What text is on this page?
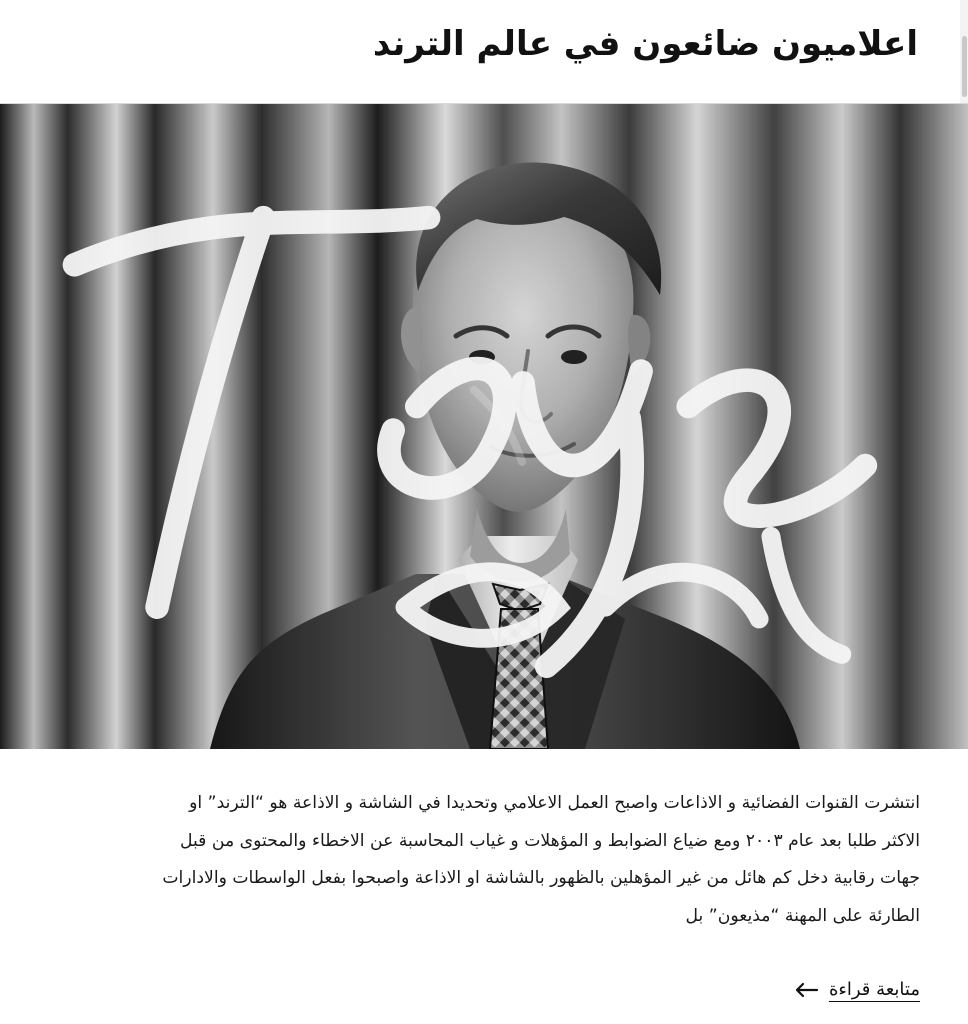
اعلاميون ضائعون في عالم الترند
انتشرت القنوات الفضائية و الاذاعات واصبح العمل الاعلامي وتحديدا في الشاشة و الاذاعة هو “الترند” او
الاكثر طلبا بعد عام ٢٠٠٣ ومع ضياع الضوابط و المؤهلات و غياب المحاسبة عن الاخطاء والمحتوى من قبل
جهات رقابية دخل كم هائل من غير المؤهلين بالظهور بالشاشة او الاذاعة واصبحوا بفعل الواسطات والادارات
الطارئة على المهنة “مذيعون” بل
متابعة قراءة
